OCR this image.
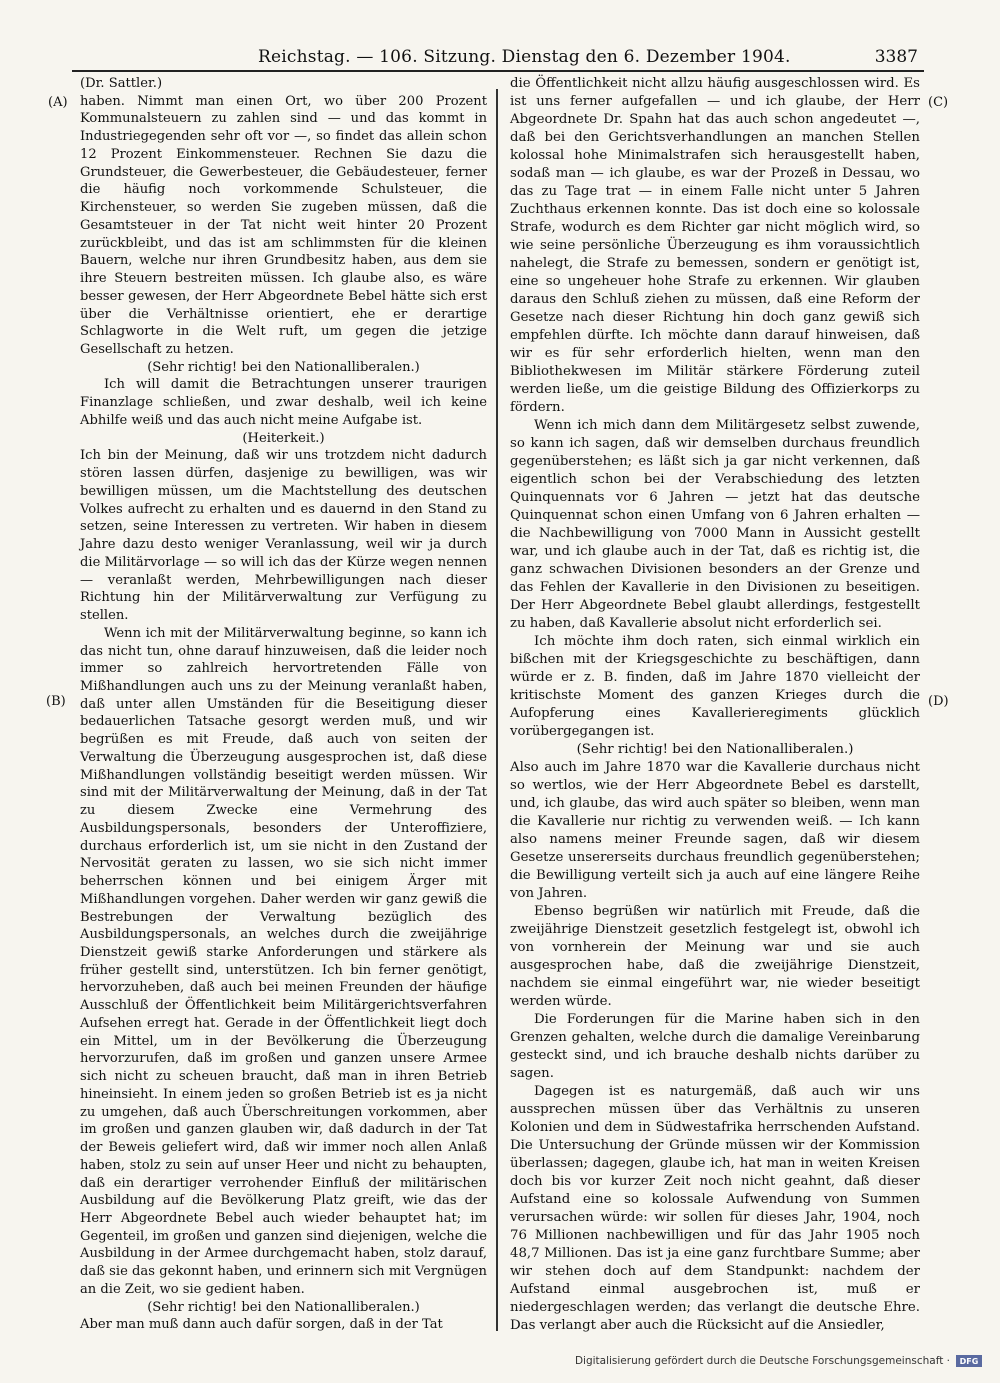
Reichstag. — 106. Sitzung. Dienstag den 6. Dezember 1904.	3387
(A)
(B)
(C)
(D)

(Dr. Sattler.)

haben. Nimmt man einen Ort, wo über 200 Prozent Kommunalsteuern zu zahlen sind — und das kommt in Industriegegenden sehr oft vor —, so findet das allein schon 12 Prozent Einkommensteuer. Rechnen Sie dazu die Grundsteuer, die Gewerbesteuer, die Gebäudesteuer, ferner die häufig noch vorkommende Schulsteuer, die Kirchensteuer, so werden Sie zugeben müssen, daß die Gesamtsteuer in der Tat nicht weit hinter 20 Prozent zurückbleibt, und das ist am schlimmsten für die kleinen Bauern, welche nur ihren Grundbesitz haben, aus dem sie ihre Steuern bestreiten müssen. Ich glaube also, es wäre besser gewesen, der Herr Abgeordnete Bebel hätte sich erst über die Verhältnisse orientiert, ehe er derartige Schlagworte in die Welt ruft, um gegen die jetzige Gesellschaft zu hetzen.

(Sehr richtig! bei den Nationalliberalen.)

Ich will damit die Betrachtungen unserer traurigen Finanzlage schließen, und zwar deshalb, weil ich keine Abhilfe weiß und das auch nicht meine Aufgabe ist.

(Heiterkeit.)

Ich bin der Meinung, daß wir uns trotzdem nicht dadurch stören lassen dürfen, dasjenige zu bewilligen, was wir bewilligen müssen, um die Machtstellung des deutschen Volkes aufrecht zu erhalten und es dauernd in den Stand zu setzen, seine Interessen zu vertreten. Wir haben in diesem Jahre dazu desto weniger Veranlassung, weil wir ja durch die Militärvorlage — so will ich das der Kürze wegen nennen — veranlaßt werden, Mehrbewilligungen nach dieser Richtung hin der Militärverwaltung zur Verfügung zu stellen.

Wenn ich mit der Militärverwaltung beginne, so kann ich das nicht tun, ohne darauf hinzuweisen, daß die leider noch immer so zahlreich hervortretenden Fälle von Mißhandlungen auch uns zu der Meinung veranlaßt haben, daß unter allen Umständen für die Beseitigung dieser bedauerlichen Tatsache gesorgt werden muß, und wir begrüßen es mit Freude, daß auch von seiten der Verwaltung die Überzeugung ausgesprochen ist, daß diese Mißhandlungen vollständig beseitigt werden müssen. Wir sind mit der Militärverwaltung der Meinung, daß in der Tat zu diesem Zwecke eine Vermehrung des Ausbildungspersonals, besonders der Unteroffiziere, durchaus erforderlich ist, um sie nicht in den Zustand der Nervosität geraten zu lassen, wo sie sich nicht immer beherrschen können und bei einigem Ärger mit Mißhandlungen vorgehen. Daher werden wir ganz gewiß die Bestrebungen der Verwaltung bezüglich des Ausbildungspersonals, an welches durch die zweijährige Dienstzeit gewiß starke Anforderungen und stärkere als früher gestellt sind, unterstützen. Ich bin ferner genötigt, hervorzuheben, daß auch bei meinen Freunden der häufige Ausschluß der Öffentlichkeit beim Militärgerichtsverfahren Aufsehen erregt hat. Gerade in der Öffentlichkeit liegt doch ein Mittel, um in der Bevölkerung die Überzeugung hervorzurufen, daß im großen und ganzen unsere Armee sich nicht zu scheuen braucht, daß man in ihren Betrieb hineinsieht. In einem jeden so großen Betrieb ist es ja nicht zu umgehen, daß auch Überschreitungen vorkommen, aber im großen und ganzen glauben wir, daß dadurch in der Tat der Beweis geliefert wird, daß wir immer noch allen Anlaß haben, stolz zu sein auf unser Heer und nicht zu behaupten, daß ein derartiger verrohender Einfluß der militärischen Ausbildung auf die Bevölkerung Platz greift, wie das der Herr Abgeordnete Bebel auch wieder behauptet hat; im Gegenteil, im großen und ganzen sind diejenigen, welche die Ausbildung in der Armee durchgemacht haben, stolz darauf, daß sie das gekonnt haben, und erinnern sich mit Vergnügen an die Zeit, wo sie gedient haben.

(Sehr richtig! bei den Nationalliberalen.)

Aber man muß dann auch dafür sorgen, daß in der Tat

die Öffentlichkeit nicht allzu häufig ausgeschlossen wird. Es ist uns ferner aufgefallen — und ich glaube, der Herr Abgeordnete Dr. Spahn hat das auch schon angedeutet —, daß bei den Gerichtsverhandlungen an manchen Stellen kolossal hohe Minimalstrafen sich herausgestellt haben, sodaß man — ich glaube, es war der Prozeß in Dessau, wo das zu Tage trat — in einem Falle nicht unter 5 Jahren Zuchthaus erkennen konnte. Das ist doch eine so kolossale Strafe, wodurch es dem Richter gar nicht möglich wird, so wie seine persönliche Überzeugung es ihm voraussichtlich nahelegt, die Strafe zu bemessen, sondern er genötigt ist, eine so ungeheuer hohe Strafe zu erkennen. Wir glauben daraus den Schluß ziehen zu müssen, daß eine Reform der Gesetze nach dieser Richtung hin doch ganz gewiß sich empfehlen dürfte. Ich möchte dann darauf hinweisen, daß wir es für sehr erforderlich hielten, wenn man den Bibliothekwesen im Militär stärkere Förderung zuteil werden ließe, um die geistige Bildung des Offizierkorps zu fördern.

Wenn ich mich dann dem Militärgesetz selbst zuwende, so kann ich sagen, daß wir demselben durchaus freundlich gegenüberstehen; es läßt sich ja gar nicht verkennen, daß eigentlich schon bei der Verabschiedung des letzten Quinquennats vor 6 Jahren — jetzt hat das deutsche Quinquennat schon einen Umfang von 6 Jahren erhalten — die Nachbewilligung von 7000 Mann in Aussicht gestellt war, und ich glaube auch in der Tat, daß es richtig ist, die ganz schwachen Divisionen besonders an der Grenze und das Fehlen der Kavallerie in den Divisionen zu beseitigen. Der Herr Abgeordnete Bebel glaubt allerdings, festgestellt zu haben, daß Kavallerie absolut nicht erforderlich sei.

Ich möchte ihm doch raten, sich einmal wirklich ein bißchen mit der Kriegsgeschichte zu beschäftigen, dann würde er z. B. finden, daß im Jahre 1870 vielleicht der kritischste Moment des ganzen Krieges durch die Aufopferung eines Kavallerieregiments glücklich vorübergegangen ist.

(Sehr richtig! bei den Nationalliberalen.)

Also auch im Jahre 1870 war die Kavallerie durchaus nicht so wertlos, wie der Herr Abgeordnete Bebel es darstellt, und, ich glaube, das wird auch später so bleiben, wenn man die Kavallerie nur richtig zu verwenden weiß. — Ich kann also namens meiner Freunde sagen, daß wir diesem Gesetze unsererseits durchaus freundlich gegenüberstehen; die Bewilligung verteilt sich ja auch auf eine längere Reihe von Jahren.

Ebenso begrüßen wir natürlich mit Freude, daß die zweijährige Dienstzeit gesetzlich festgelegt ist, obwohl ich von vornherein der Meinung war und sie auch ausgesprochen habe, daß die zweijährige Dienstzeit, nachdem sie einmal eingeführt war, nie wieder beseitigt werden würde.

Die Forderungen für die Marine haben sich in den Grenzen gehalten, welche durch die damalige Vereinbarung gesteckt sind, und ich brauche deshalb nichts darüber zu sagen.

Dagegen ist es naturgemäß, daß auch wir uns aussprechen müssen über das Verhältnis zu unseren Kolonien und dem in Südwestafrika herrschenden Aufstand. Die Untersuchung der Gründe müssen wir der Kommission überlassen; dagegen, glaube ich, hat man in weiten Kreisen doch bis vor kurzer Zeit noch nicht geahnt, daß dieser Aufstand eine so kolossale Aufwendung von Summen verursachen würde: wir sollen für dieses Jahr, 1904, noch 76 Millionen nachbewilligen und für das Jahr 1905 noch 48,7 Millionen. Das ist ja eine ganz furchtbare Summe; aber wir stehen doch auf dem Standpunkt: nachdem der Aufstand einmal ausgebrochen ist, muß er niedergeschlagen werden; das verlangt die deutsche Ehre. Das verlangt aber auch die Rücksicht auf die Ansiedler,

Digitalisierung gefördert durch die Deutsche Forschungsgemeinschaft ·	DFG
